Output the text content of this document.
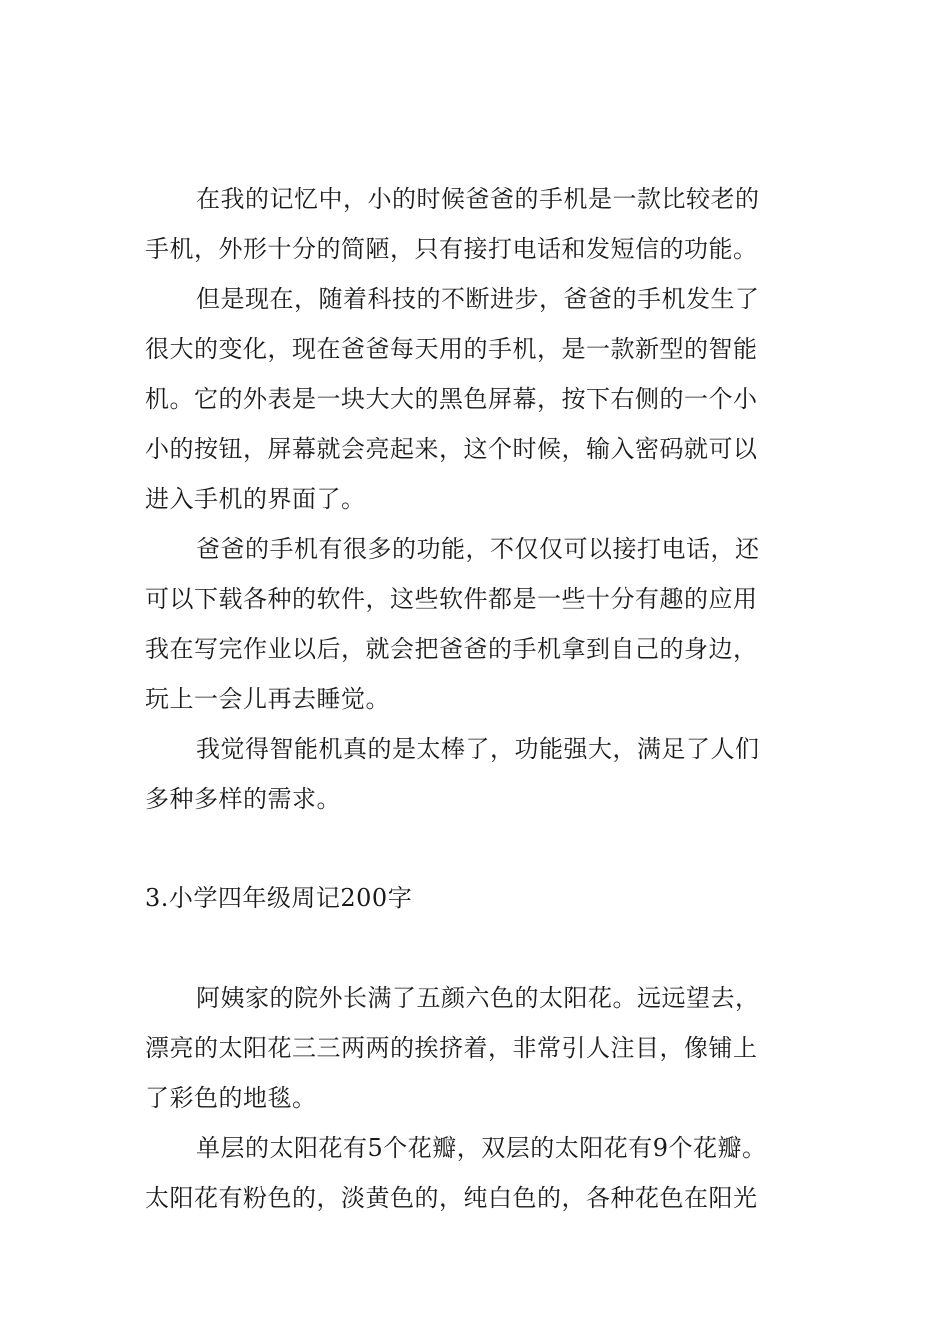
在我的记忆中，小的时候爸爸的手机是一款比较老的
手机，外形十分的简陋，只有接打电话和发短信的功能。
但是现在，随着科技的不断进步，爸爸的手机发生了
很大的变化，现在爸爸每天用的手机，是一款新型的智能
机。它的外表是一块大大的黑色屏幕，按下右侧的一个小
小的按钮，屏幕就会亮起来，这个时候，输入密码就可以
进入手机的界面了。
爸爸的手机有很多的功能，不仅仅可以接打电话，还
可以下载各种的软件，这些软件都是一些十分有趣的应用
我在写完作业以后，就会把爸爸的手机拿到自己的身边，
玩上一会儿再去睡觉。
我觉得智能机真的是太棒了，功能强大，满足了人们
多种多样的需求。
3.小学四年级周记200字
阿姨家的院外长满了五颜六色的太阳花。远远望去，
漂亮的太阳花三三两两的挨挤着，非常引人注目，像铺上
了彩色的地毯。
单层的太阳花有5个花瓣，双层的太阳花有9个花瓣。
太阳花有粉色的，淡黄色的，纯白色的，各种花色在阳光
